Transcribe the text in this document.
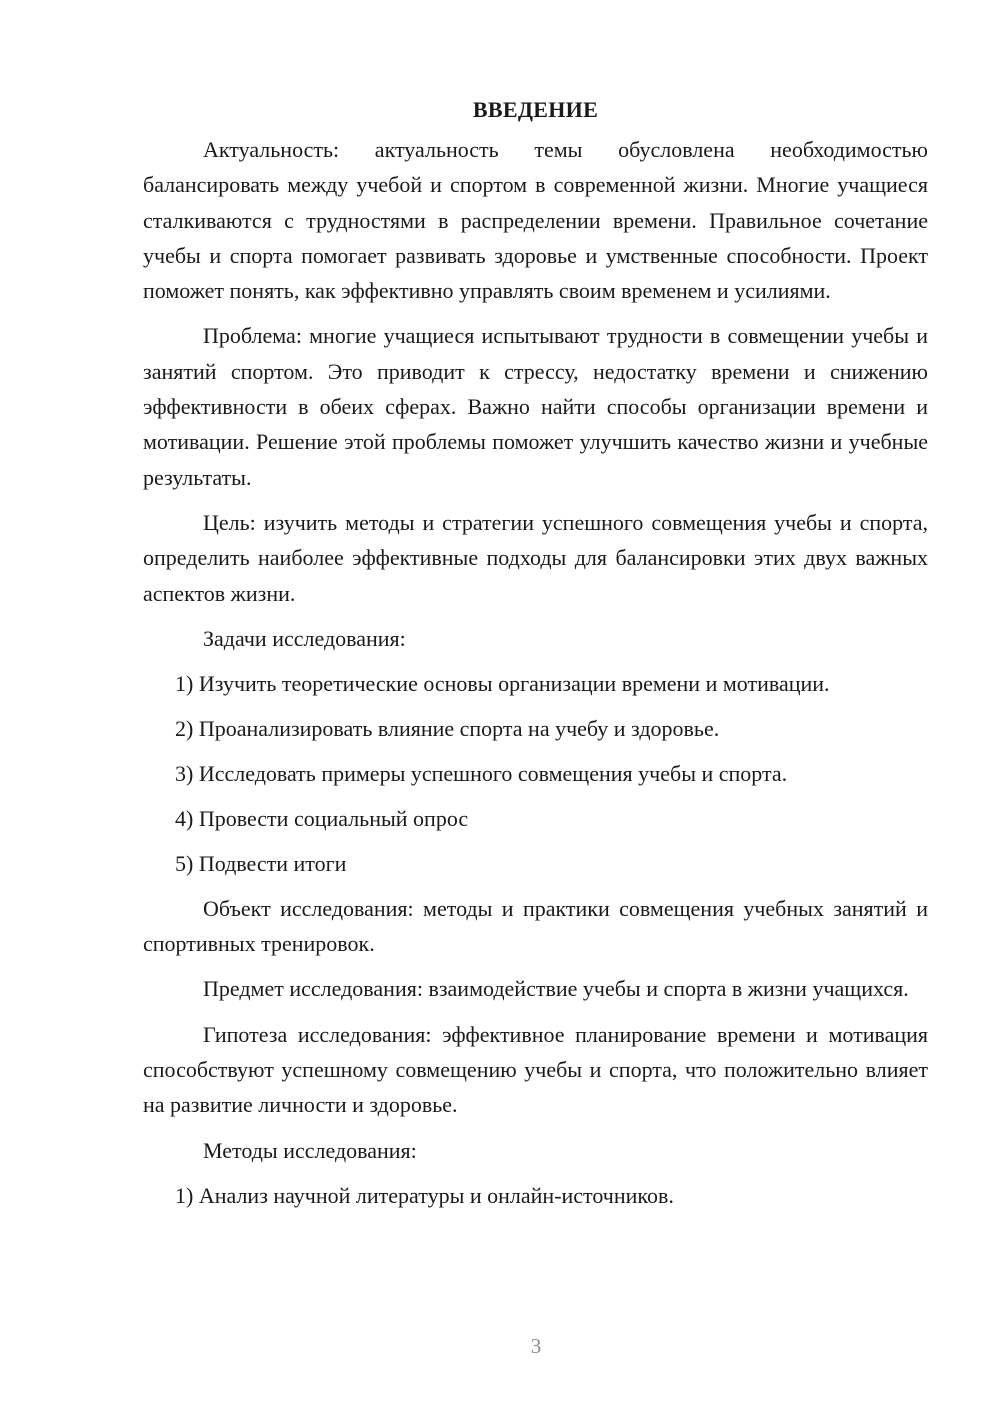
ВВЕДЕНИЕ

Актуальность: актуальность темы обусловлена необходимостью балансировать между учебой и спортом в современной жизни. Многие учащиеся сталкиваются с трудностями в распределении времени. Правильное сочетание учебы и спорта помогает развивать здоровье и умственные способности. Проект поможет понять, как эффективно управлять своим временем и усилиями.

Проблема: многие учащиеся испытывают трудности в совмещении учебы и занятий спортом. Это приводит к стрессу, недостатку времени и снижению эффективности в обеих сферах. Важно найти способы организации времени и мотивации. Решение этой проблемы поможет улучшить качество жизни и учебные результаты.

Цель: изучить методы и стратегии успешного совмещения учебы и спорта, определить наиболее эффективные подходы для балансировки этих двух важных аспектов жизни.

Задачи исследования:
1) Изучить теоретические основы организации времени и мотивации.
2) Проанализировать влияние спорта на учебу и здоровье.
3) Исследовать примеры успешного совмещения учебы и спорта.
4) Провести социальный опрос
5) Подвести итоги

Объект исследования: методы и практики совмещения учебных занятий и спортивных тренировок.

Предмет исследования: взаимодействие учебы и спорта в жизни учащихся.

Гипотеза исследования: эффективное планирование времени и мотивация способствуют успешному совмещению учебы и спорта, что положительно влияет на развитие личности и здоровье.

Методы исследования:
1) Анализ научной литературы и онлайн-источников.
3
